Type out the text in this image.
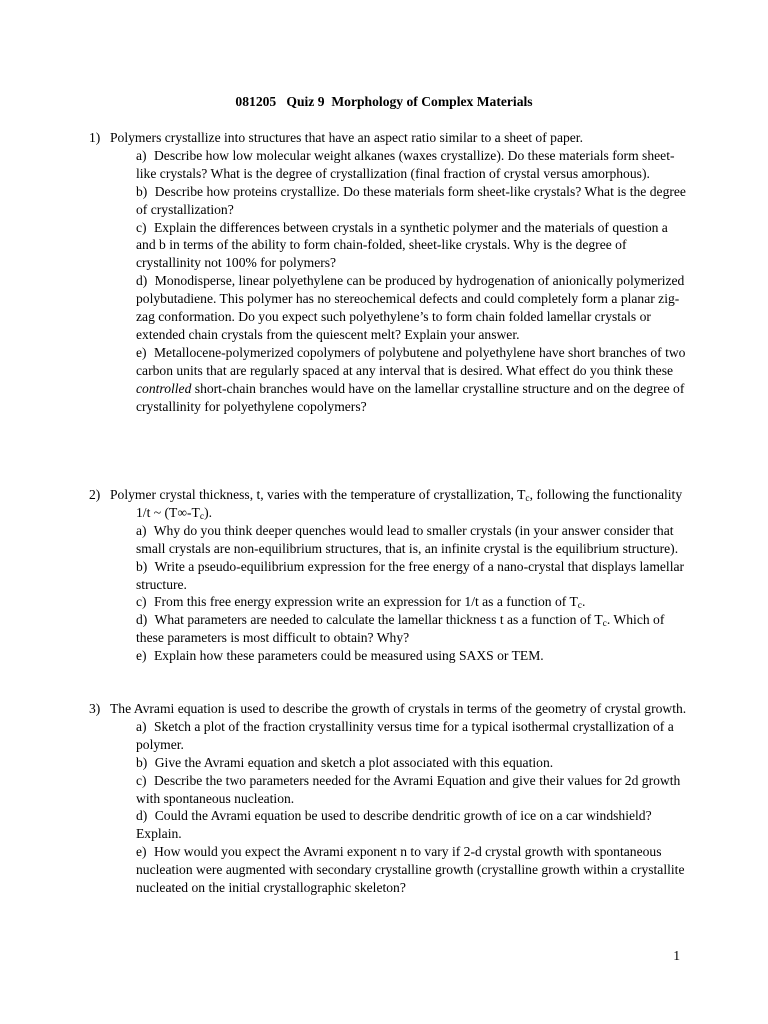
081205   Quiz 9  Morphology of Complex Materials

1) Polymers crystallize into structures that have an aspect ratio similar to a sheet of paper.

a) Describe how low molecular weight alkanes (waxes crystallize). Do these materials form sheet-like crystals? What is the degree of crystallization (final fraction of crystal versus amorphous).

b) Describe how proteins crystallize. Do these materials form sheet-like crystals? What is the degree of crystallization?

c) Explain the differences between crystals in a synthetic polymer and the materials of question a and b in terms of the ability to form chain-folded, sheet-like crystals. Why is the degree of crystallinity not 100% for polymers?

d) Monodisperse, linear polyethylene can be produced by hydrogenation of anionically polymerized polybutadiene. This polymer has no stereochemical defects and could completely form a planar zig-zag conformation. Do you expect such polyethylene’s to form chain folded lamellar crystals or extended chain crystals from the quiescent melt? Explain your answer.

e) Metallocene-polymerized copolymers of polybutene and polyethylene have short branches of two carbon units that are regularly spaced at any interval that is desired. What effect do you think these controlled short-chain branches would have on the lamellar crystalline structure and on the degree of crystallinity for polyethylene copolymers?

2) Polymer crystal thickness, t, varies with the temperature of crystallization, $T_c$, following the functionality 1/t ~ $(T\infty-T_c)$.

a) Why do you think deeper quenches would lead to smaller crystals (in your answer consider that small crystals are non-equilibrium structures, that is, an infinite crystal is the equilibrium structure).

b) Write a pseudo-equilibrium expression for the free energy of a nano-crystal that displays lamellar structure.

c) From this free energy expression write an expression for 1/t as a function of $T_c$.

d) What parameters are needed to calculate the lamellar thickness t as a function of $T_c$. Which of these parameters is most difficult to obtain? Why?

e) Explain how these parameters could be measured using SAXS or TEM.

3) The Avrami equation is used to describe the growth of crystals in terms of the geometry of crystal growth.

a) Sketch a plot of the fraction crystallinity versus time for a typical isothermal crystallization of a polymer.

b) Give the Avrami equation and sketch a plot associated with this equation.

c) Describe the two parameters needed for the Avrami Equation and give their values for 2d growth with spontaneous nucleation.

d) Could the Avrami equation be used to describe dendritic growth of ice on a car windshield? Explain.

e) How would you expect the Avrami exponent n to vary if 2-d crystal growth with spontaneous nucleation were augmented with secondary crystalline growth (crystalline growth within a crystallite nucleated on the initial crystallographic skeleton?

1
